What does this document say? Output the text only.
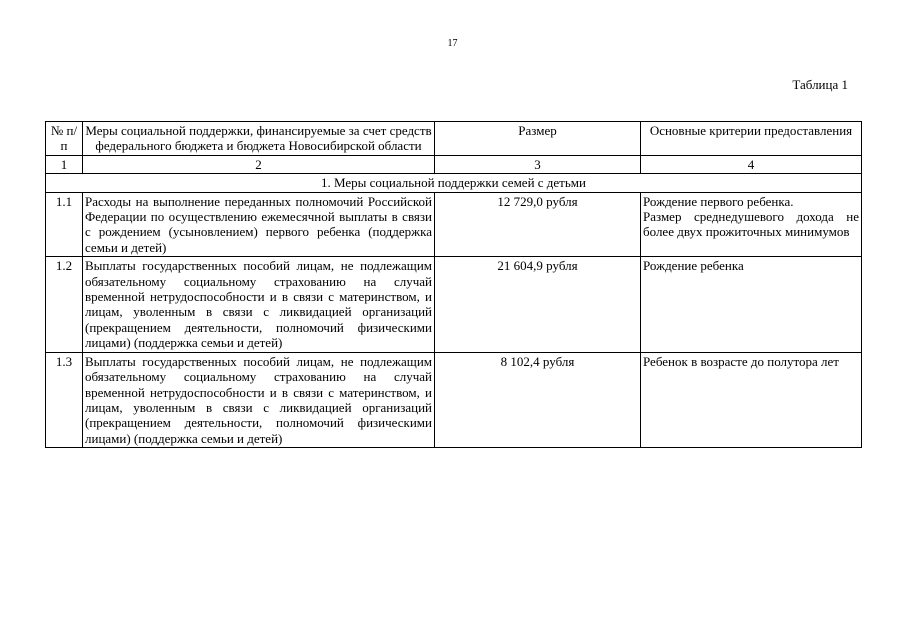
17
Таблица 1
№ п/п	Меры социальной поддержки, финансируемые за счет средств федерального бюджета и бюджета Новосибирской области	Размер	Основные критерии предоставления
1	2	3	4
1. Меры социальной поддержки семей с детьми			
1.1	Расходы на выполнение переданных полномочий Российской Федерации по осуществлению ежемесячной выплаты в связи с рождением (усыновлением) первого ребенка (поддержка семьи и детей)	12 729,0 рубля	Рождение первого ребенка.
Размер среднедушевого дохода не более двух прожиточных минимумов

1.2	Выплаты государственных пособий лицам, не подлежащим обязательному социальному страхованию на случай временной нетрудоспособности и в связи с материнством, и лицам, уволенным в связи с ликвидацией организаций (прекращением деятельности, полномочий физическими лицами) (поддержка семьи и детей)	21 604,9 рубля	Рождение ребенка

1.3	Выплаты государственных пособий лицам, не подлежащим обязательному социальному страхованию на случай временной нетрудоспособности и в связи с материнством, и лицам, уволенным в связи с ликвидацией организаций (прекращением деятельности, полномочий физическими лицами) (поддержка семьи и детей)	8 102,4 рубля	Ребенок в возрасте до полутора лет
